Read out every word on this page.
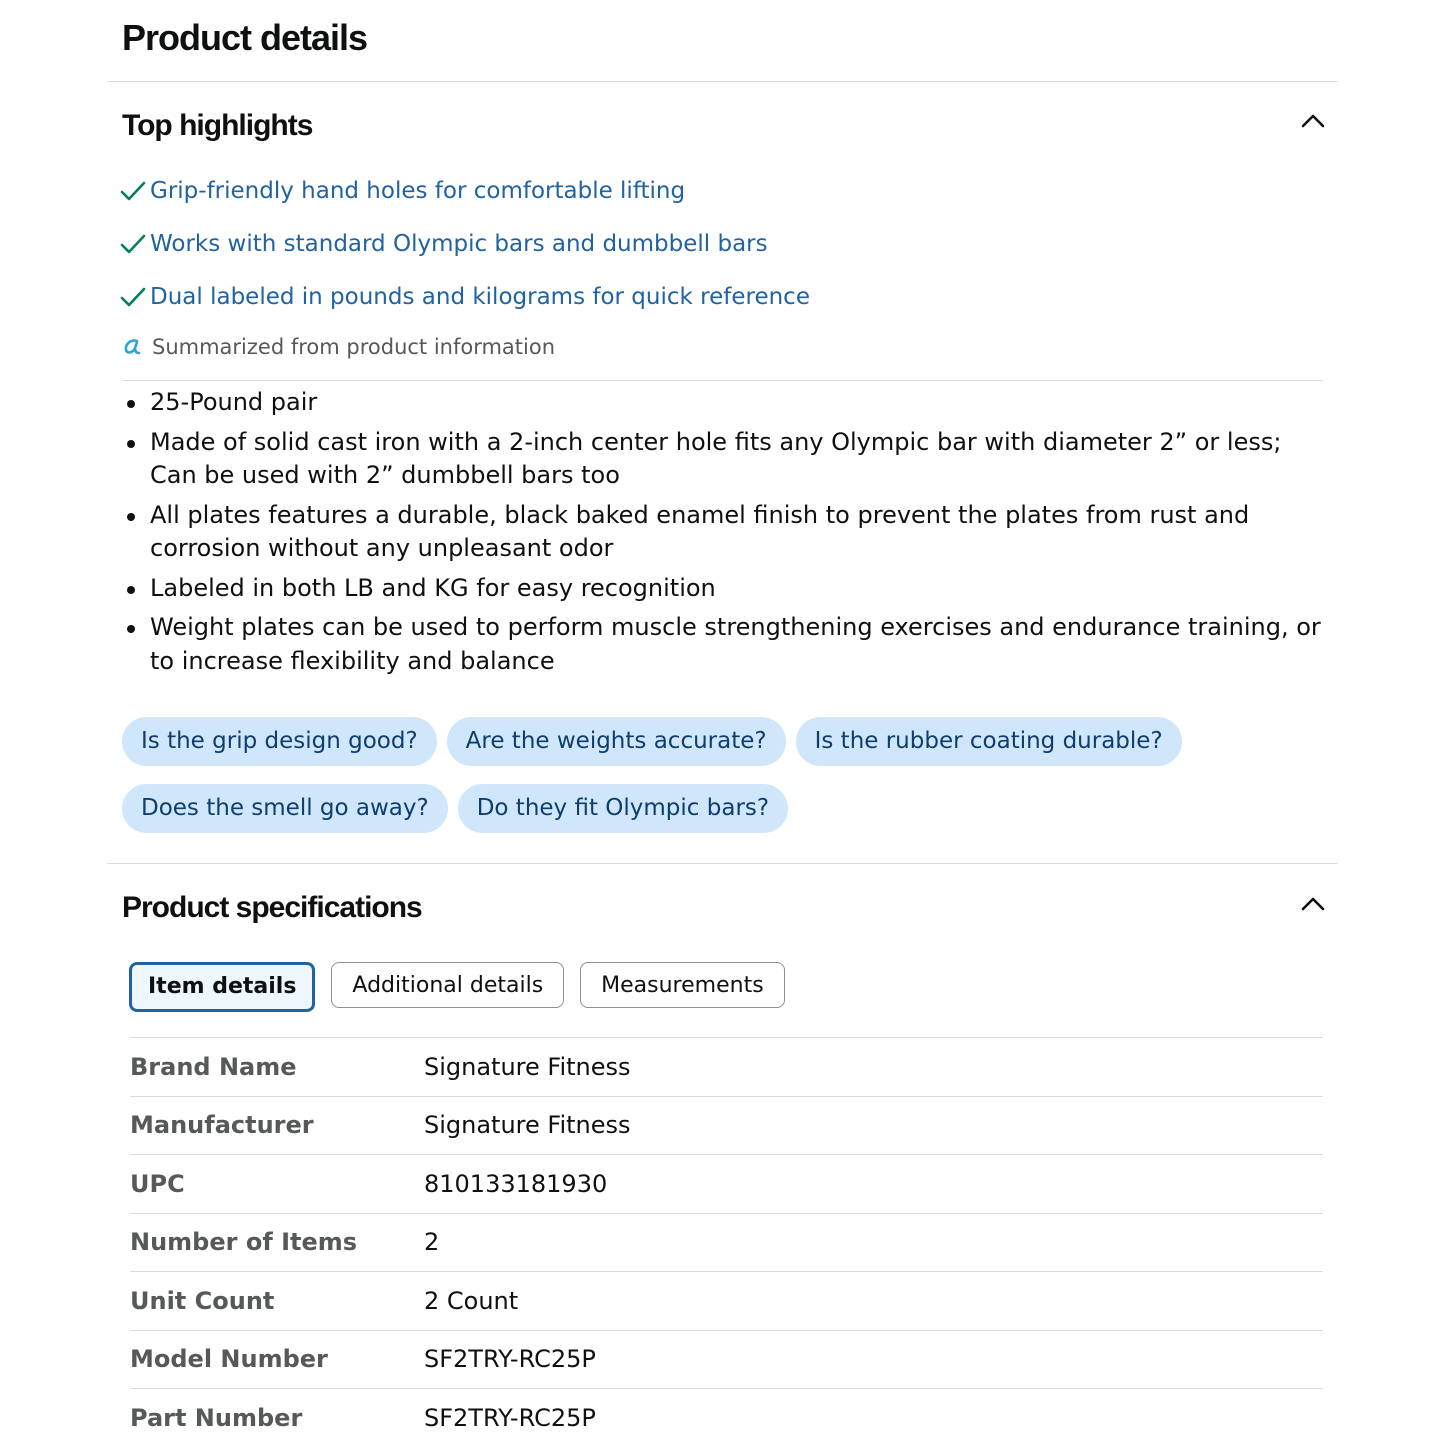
Product details
Top highlights
Grip-friendly hand holes for comfortable lifting
Works with standard Olympic bars and dumbbell bars
Dual labeled in pounds and kilograms for quick reference
Summarized from product information
25-Pound pair
Made of solid cast iron with a 2-inch center hole fits any Olympic bar with diameter 2” or less; Can be used with 2” dumbbell bars too
All plates features a durable, black baked enamel finish to prevent the plates from rust and corrosion without any unpleasant odor
Labeled in both LB and KG for easy recognition
Weight plates can be used to perform muscle strengthening exercises and endurance training, or to increase flexibility and balance
Is the grip design good?	Are the weights accurate?	Is the rubber coating durable?
Does the smell go away?	Do they fit Olympic bars?
Product specifications
Item details	Additional details	Measurements
Brand Name	Signature Fitness
Manufacturer	Signature Fitness
UPC	810133181930
Number of Items	2
Unit Count	2 Count
Model Number	SF2TRY-RC25P
Part Number	SF2TRY-RC25P
